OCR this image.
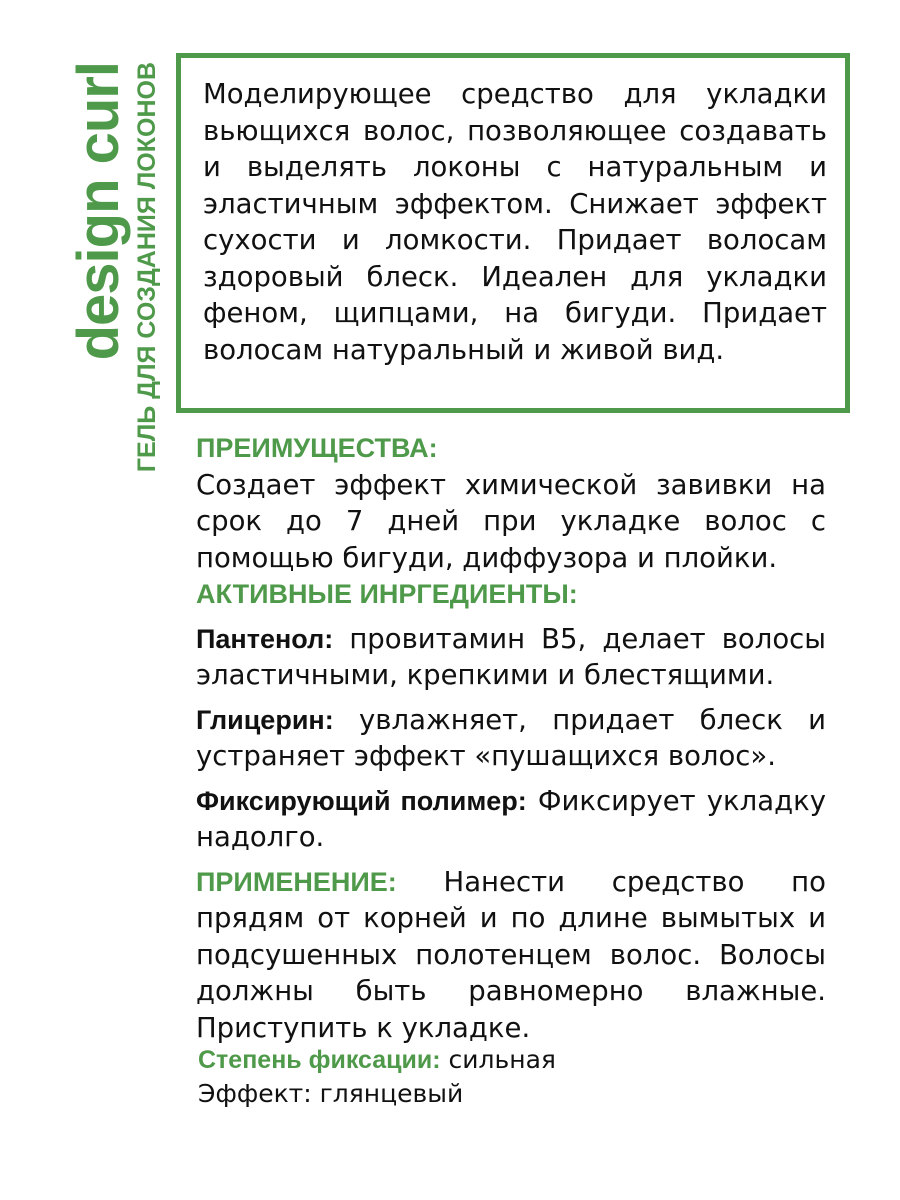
design curl ГЕЛЬ ДЛЯ СОЗДАНИЯ ЛОКОНОВ Моделирующее средство для укладки вьющихся волос, позволяющее создавать и выделять локоны с натуральным и эластичным эффектом. Снижает эффект сухости и ломкости. Придает волосам здоровый блеск. Идеален для укладки феном, щипцами, на бигуди. Придает волосам натуральный и живой вид.

ПРЕИМУЩЕСТВА:
Создает эффект химической завивки на срок до 7 дней при укладке волос с помощью бигуди, диффузора и плойки.

АКТИВНЫЕ ИНРГЕДИЕНТЫ:

Пантенол: провитамин B5, делает волосы эластичными, крепкими и блестящими.

Глицерин: увлажняет, придает блеск и устраняет эффект «пушащихся волос».

Фиксирующий полимер: Фиксирует укладку надолго.

ПРИМЕНЕНИЕ: Нанести средство по прядям от корней и по длине вымытых и подсушенных полотенцем волос. Волосы должны быть равномерно влажные. Приступить к укладке.

Степень фиксации: сильная
Эффект: глянцевый
